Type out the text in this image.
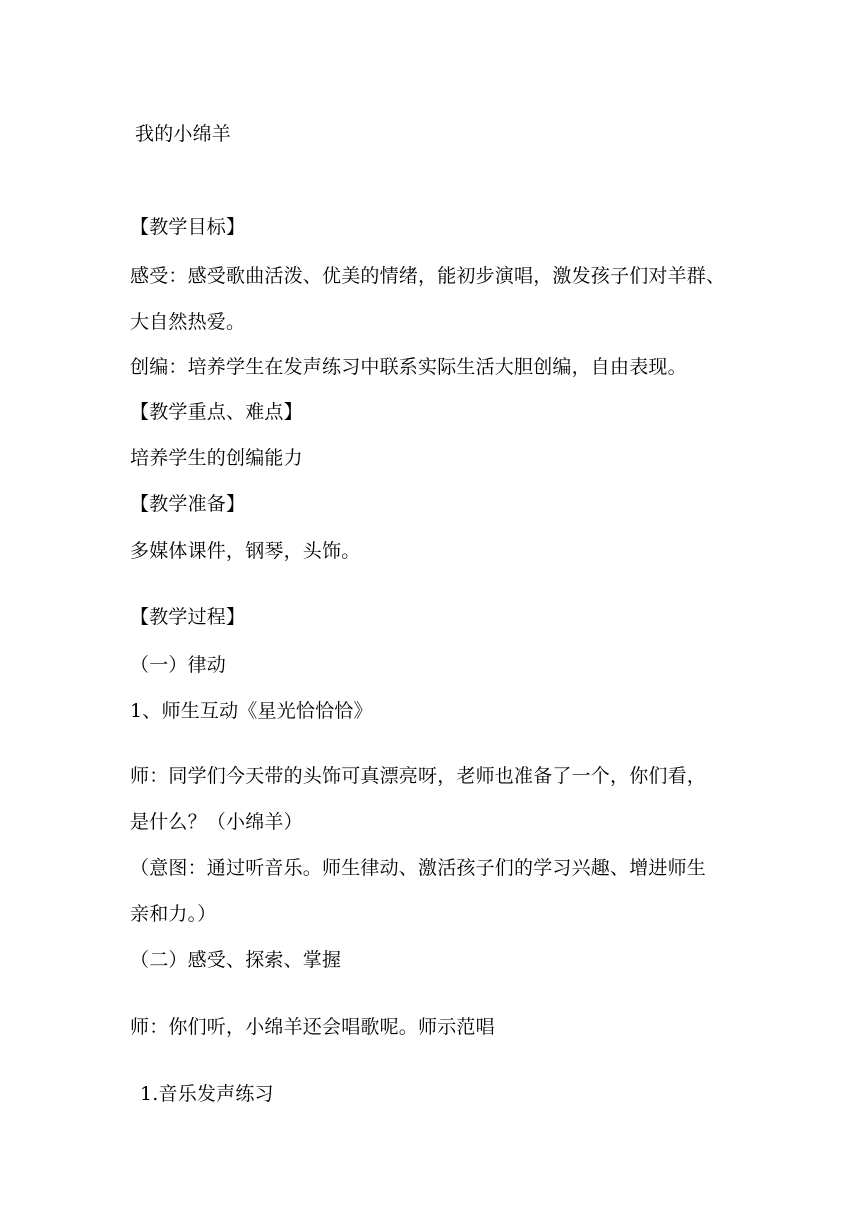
我的小绵羊
【教学目标】
感受：感受歌曲活泼、优美的情绪，能初步演唱，激发孩子们对羊群、
大自然热爱。
创编：培养学生在发声练习中联系实际生活大胆创编，自由表现。
【教学重点、难点】
培养学生的创编能力
【教学准备】
多媒体课件，钢琴，头饰。
【教学过程】
（一）律动
1、师生互动《星光恰恰恰》
师：同学们今天带的头饰可真漂亮呀，老师也准备了一个，你们看，
是什么？（小绵羊）
（意图：通过听音乐。师生律动、激活孩子们的学习兴趣、增进师生
亲和力。）
（二）感受、探索、掌握
师：你们听，小绵羊还会唱歌呢。师示范唱
1.音乐发声练习
